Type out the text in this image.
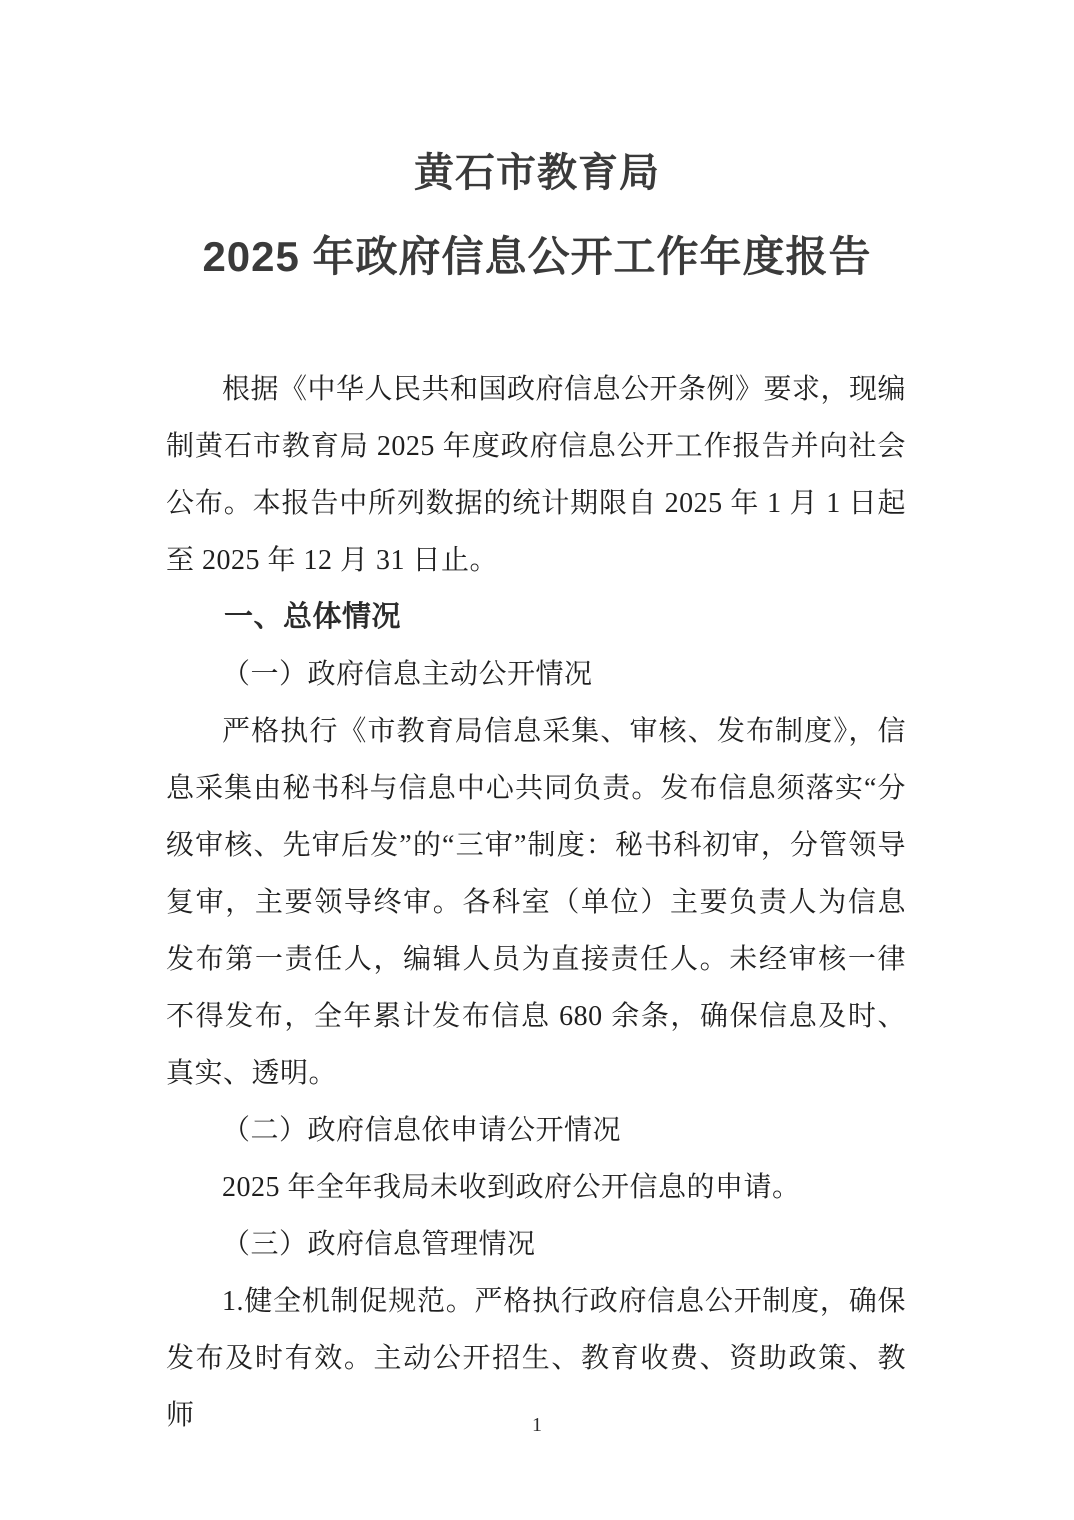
黄石市教育局
2025 年政府信息公开工作年度报告

根据《中华人民共和国政府信息公开条例》要求，现编制黄石市教育局 2025 年度政府信息公开工作报告并向社会公布。本报告中所列数据的统计期限自 2025 年 1 月 1 日起至 2025 年 12 月 31 日止。

一、总体情况

（一）政府信息主动公开情况

严格执行《市教育局信息采集、审核、发布制度》，信息采集由秘书科与信息中心共同负责。发布信息须落实“分级审核、先审后发”的“三审”制度：秘书科初审，分管领导复审，主要领导终审。各科室（单位）主要负责人为信息发布第一责任人，编辑人员为直接责任人。未经审核一律不得发布，全年累计发布信息 680 余条，确保信息及时、真实、透明。

（二）政府信息依申请公开情况

2025 年全年我局未收到政府公开信息的申请。

（三）政府信息管理情况

1.健全机制促规范。严格执行政府信息公开制度，确保发布及时有效。主动公开招生、教育收费、资助政策、教师	1
